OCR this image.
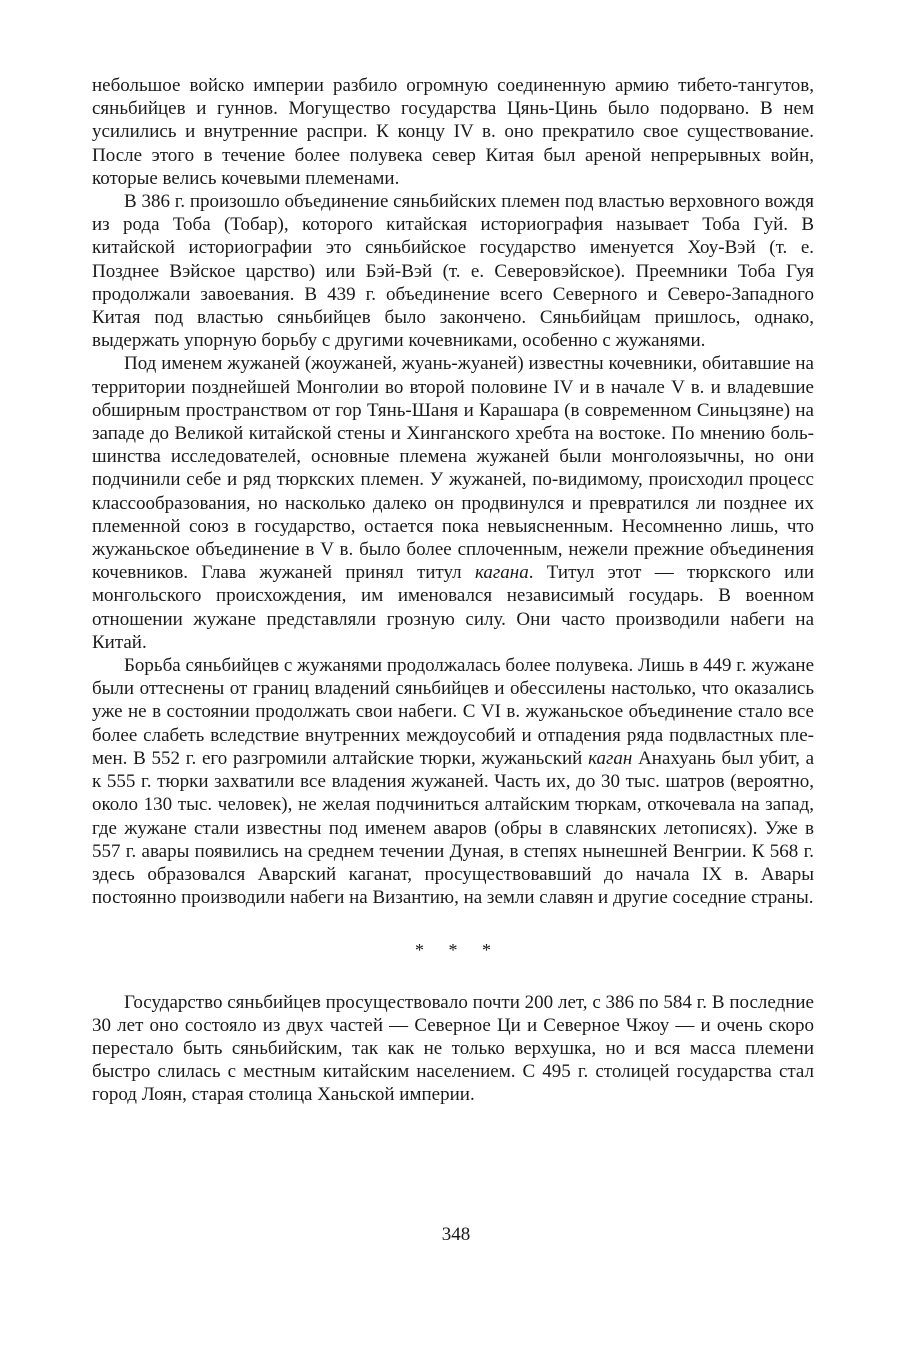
небольшое войско империи разбило огромную соединенную армию тибето-тангутов, сяньбийцев и гуннов. Могущество государства Цянь-Цинь было подорвано. В нем усилились и внутренние распри. К концу IV в. оно прекратило свое существование. После этого в течение более полувека север Китая был ареной непрерывных войн, которые велись кочевыми племенами.

В 386 г. произошло объединение сяньбийских племен под властью верховного вождя из рода Тоба (Тобар), которого китайская историография называет Тоба Гуй. В китайской историографии это сяньбийское государство именуется Хоу-Вэй (т. е. Позднее Вэйское царство) или Бэй-Вэй (т. е. Северовэйское). Преемники Тоба Гуя продолжали завоевания. В 439 г. объединение всего Северного и Северо-Западного Китая под властью сяньбийцев было закончено. Сяньбийцам пришлось, однако, выдержать упорную борьбу с другими кочевниками, особенно с жужанями.

Под именем жужаней (жоужаней, жуань-жуаней) известны кочевники, обитавшие на территории позднейшей Монголии во второй половине IV и в начале V в. и владевшие обширным пространством от гор Тянь-Шаня и Карашара (в современном Синьцзяне) на западе до Великой китайской стены и Хинганского хребта на востоке. По мнению большинства исследователей, основные племена жужаней были монголоязычны, но они подчинили себе и ряд тюркских племен. У жужаней, по-видимому, происходил процесс классообразования, но насколько далеко он продвинулся и превратился ли позднее их племенной союз в государство, остается пока невыясненным. Несомненно лишь, что жужаньское объединение в V в. было более сплоченным, нежели прежние объединения кочевников. Глава жужаней принял титул кагана. Титул этот — тюркского или монгольского происхождения, им именовался независимый государь. В военном отношении жужане представляли грозную силу. Они часто производили набеги на Китай.

Борьба сяньбийцев с жужанями продолжалась более полувека. Лишь в 449 г. жужане были оттеснены от границ владений сяньбийцев и обессилены настолько, что оказались уже не в состоянии продолжать свои набеги. С VI в. жужаньское объединение стало все более слабеть вследствие внутренних междоусобий и отпадения ряда подвластных племен. В 552 г. его разгромили алтайские тюрки, жужаньский каган Анахуань был убит, а к 555 г. тюрки захватили все владения жужаней. Часть их, до 30 тыс. шатров (вероятно, около 130 тыс. человек), не желая подчиниться алтайским тюркам, откочевала на запад, где жужане стали известны под именем аваров (обры в славянских летописях). Уже в 557 г. авары появились на среднем течении Дуная, в степях нынешней Венгрии. К 568 г. здесь образовался Аварский каганат, просуществовавший до начала IX в. Авары постоянно производили набеги на Византию, на земли славян и другие соседние страны.

* * *

Государство сяньбийцев просуществовало почти 200 лет, с 386 по 584 г. В последние 30 лет оно состояло из двух частей — Северное Ци и Северное Чжоу — и очень скоро перестало быть сяньбийским, так как не только верхушка, но и вся масса племени быстро слилась с местным китайским населением. С 495 г. столицей государства стал город Лоян, старая столица Ханьской империи.

348
